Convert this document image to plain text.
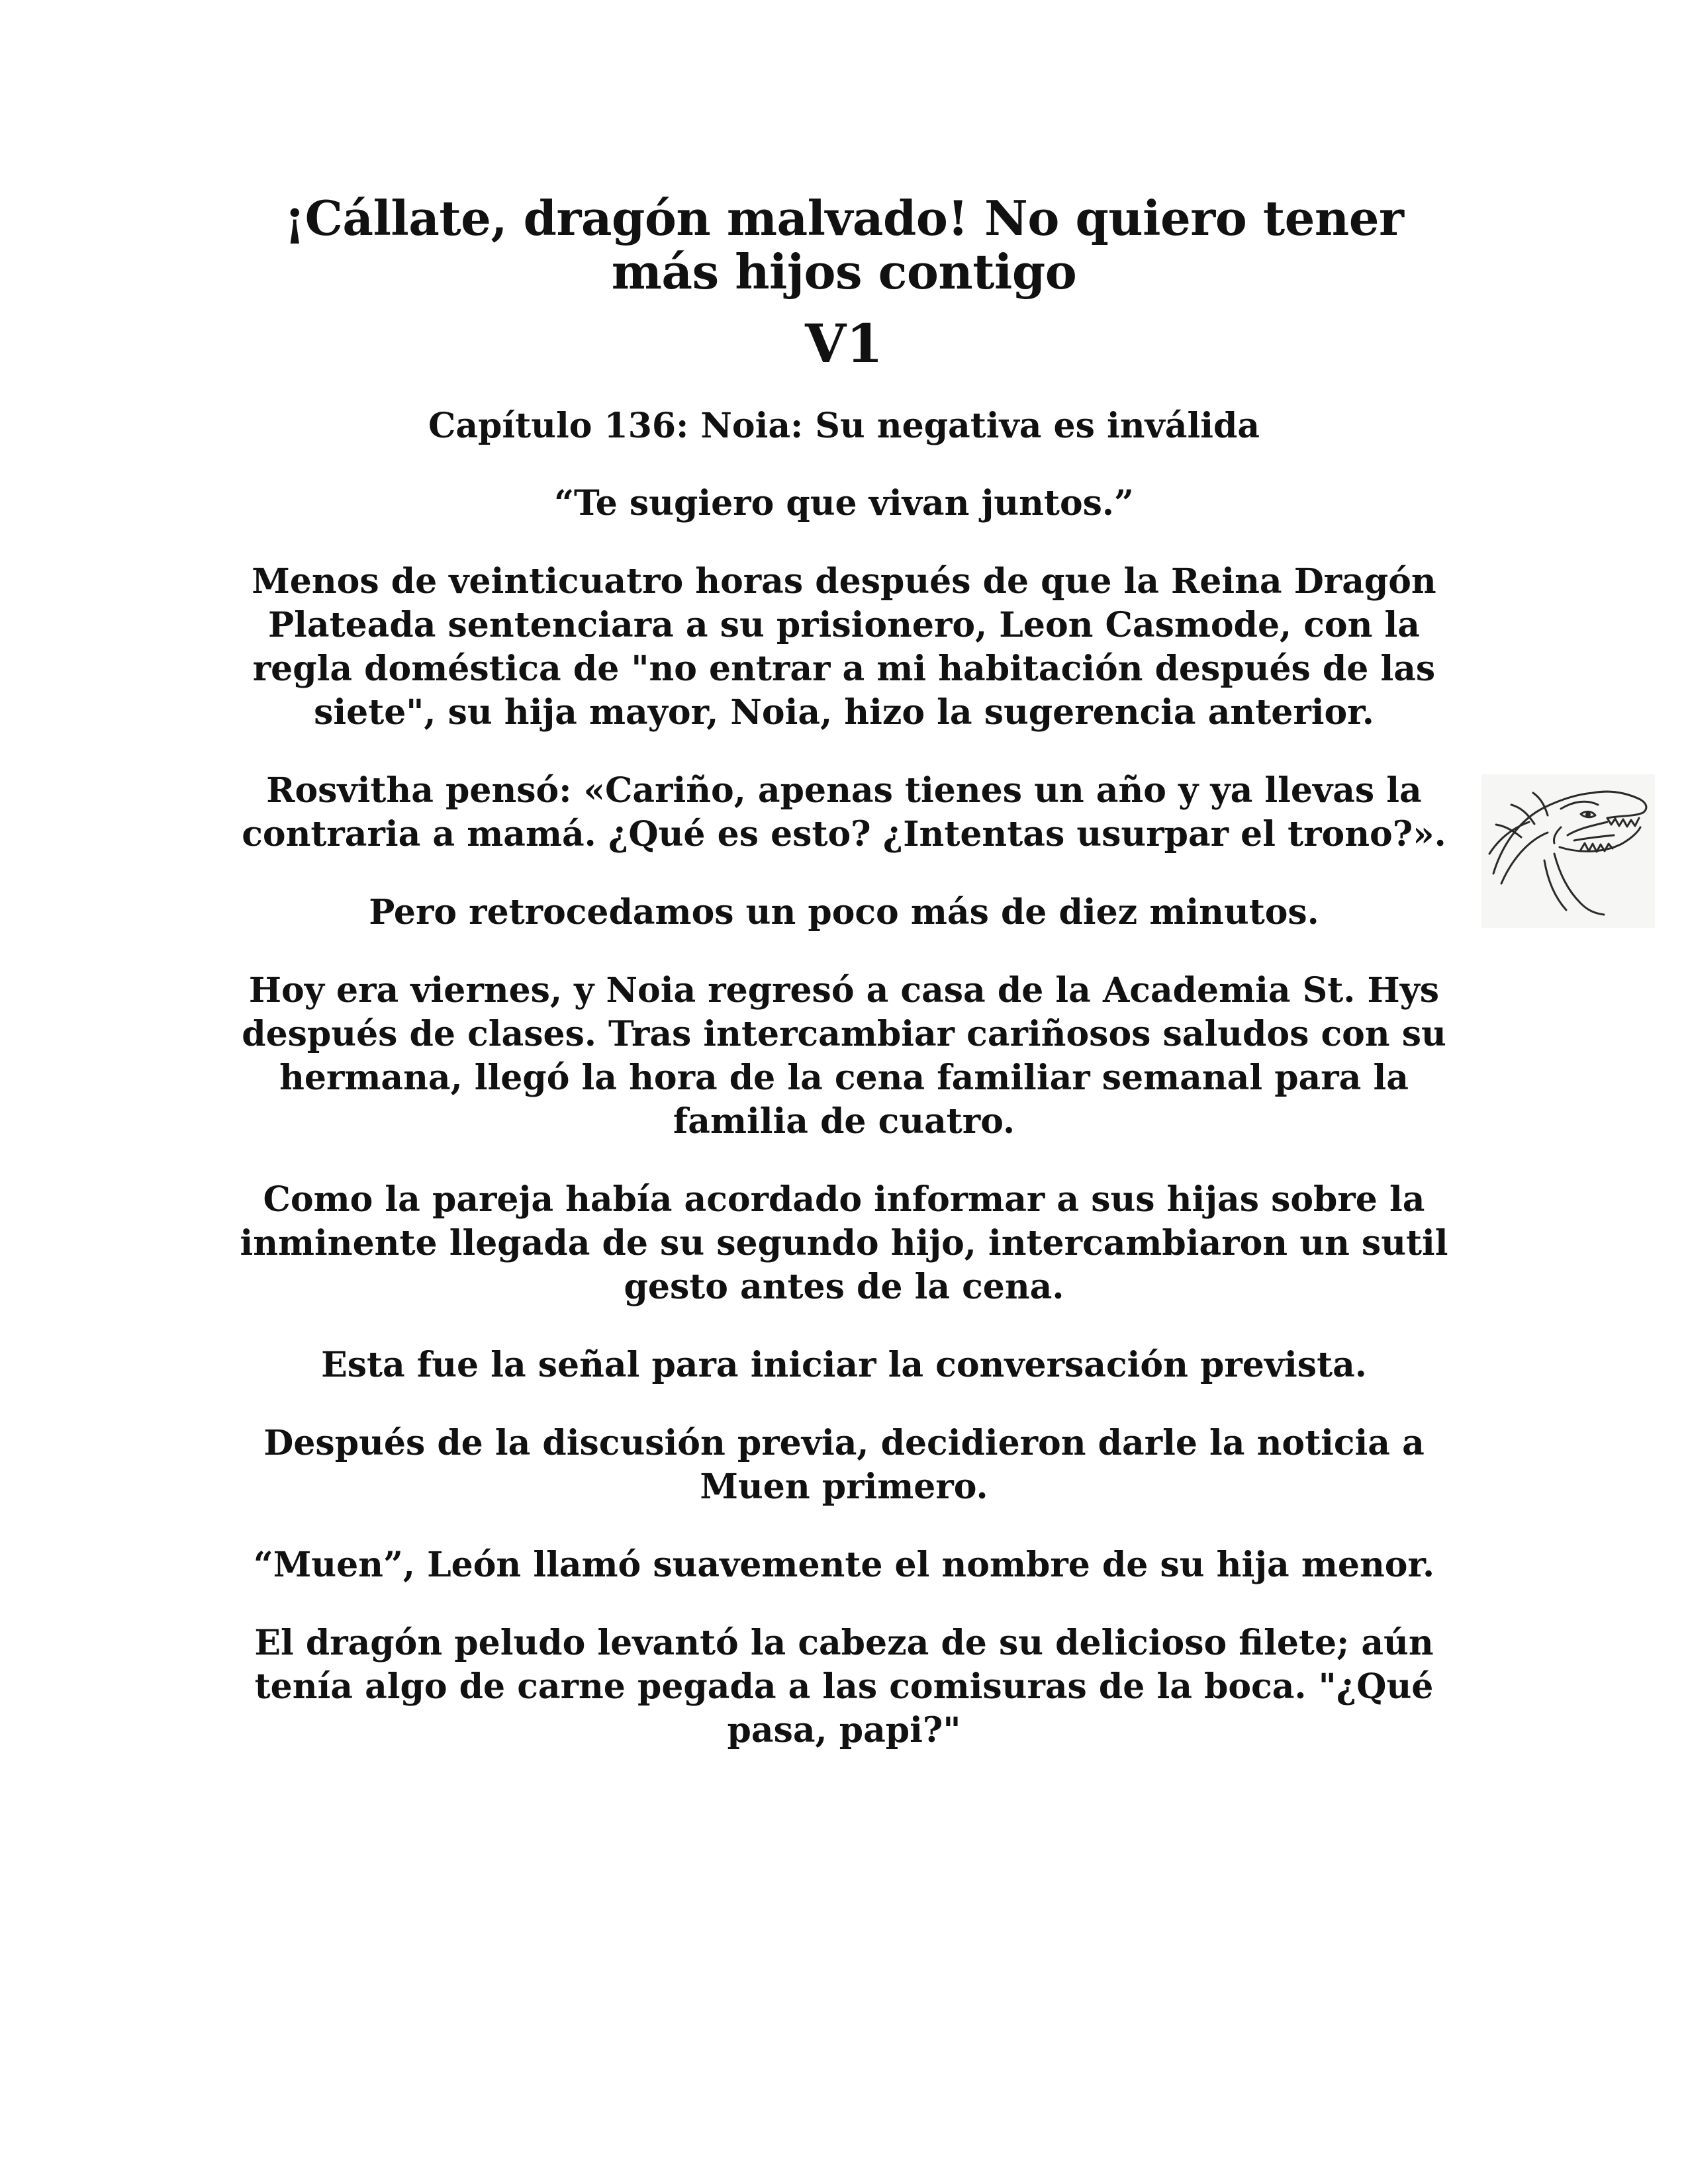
¡Cállate, dragón malvado! No quiero tener más hijos contigo
V1
Capítulo 136: Noia: Su negativa es inválida

“Te sugiero que vivan juntos.”

Menos de veinticuatro horas después de que la Reina Dragón Plateada sentenciara a su prisionero, Leon Casmode, con la regla doméstica de "no entrar a mi habitación después de las siete", su hija mayor, Noia, hizo la sugerencia anterior.

Rosvitha pensó: «Cariño, apenas tienes un año y ya llevas la contraria a mamá. ¿Qué es esto? ¿Intentas usurpar el trono?».

Pero retrocedamos un poco más de diez minutos.

Hoy era viernes, y Noia regresó a casa de la Academia St. Hys después de clases. Tras intercambiar cariñosos saludos con su hermana, llegó la hora de la cena familiar semanal para la familia de cuatro.

Como la pareja había acordado informar a sus hijas sobre la inminente llegada de su segundo hijo, intercambiaron un sutil gesto antes de la cena.

Esta fue la señal para iniciar la conversación prevista.

Después de la discusión previa, decidieron darle la noticia a Muen primero.

“Muen”, León llamó suavemente el nombre de su hija menor.

El dragón peludo levantó la cabeza de su delicioso filete; aún tenía algo de carne pegada a las comisuras de la boca. "¿Qué pasa, papi?"
